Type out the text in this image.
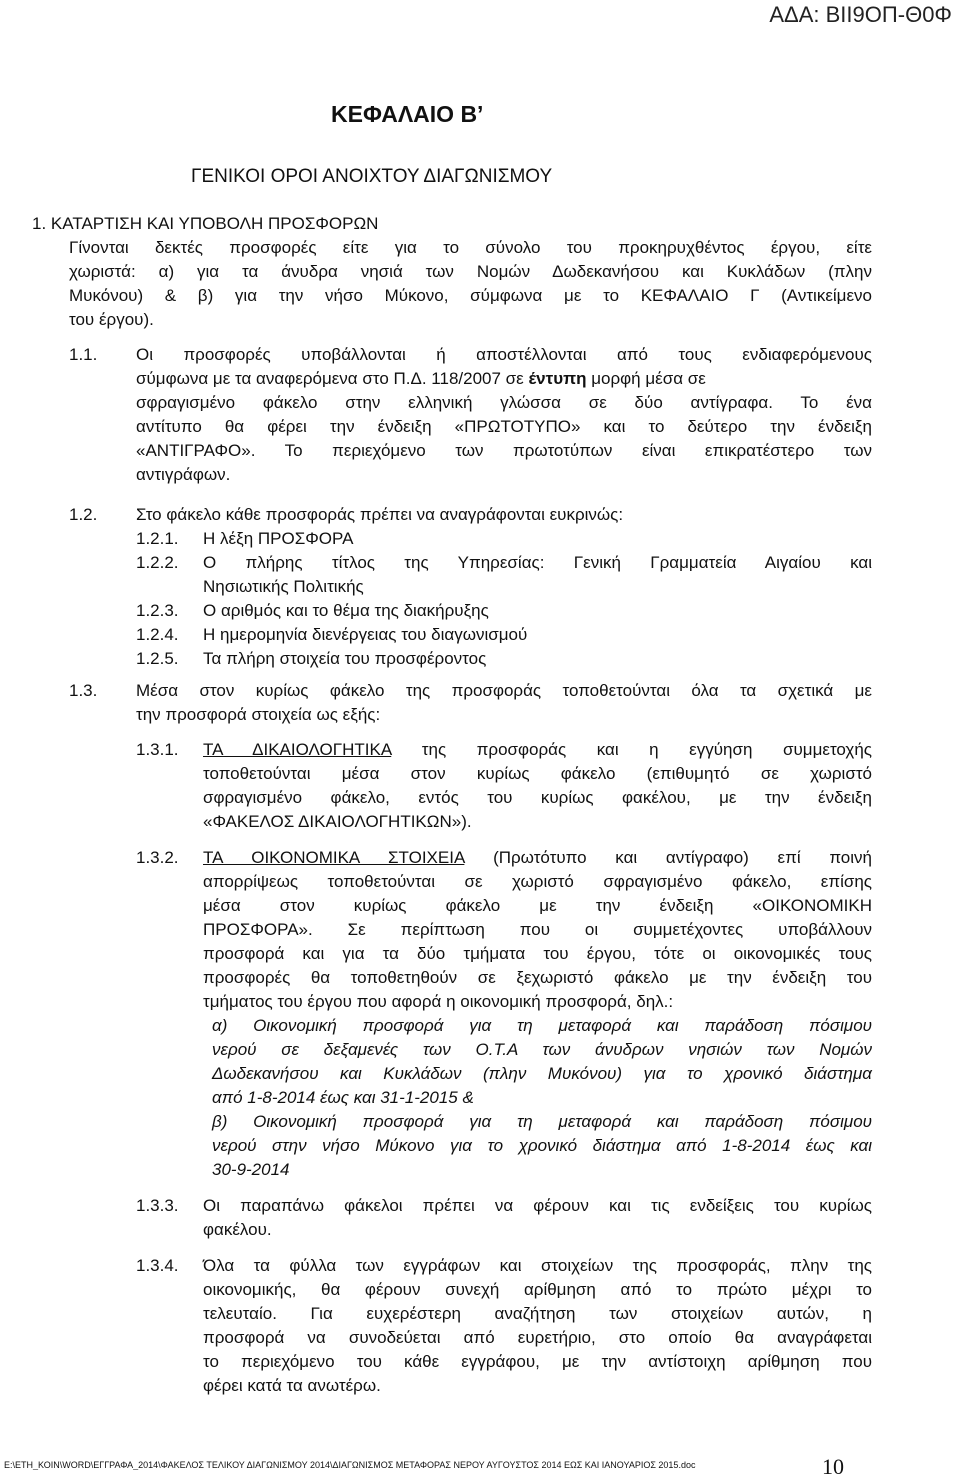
ΑΔΑ: ΒΙΙ9ΟΠ-Θ0Φ
ΚΕΦΑΛΑΙΟ Β’
ΓΕΝΙΚΟΙ ΟΡΟΙ ΑΝΟΙΧΤΟΥ ΔΙΑΓΩΝΙΣΜΟΥ
1. ΚΑΤΑΡΤΙΣΗ ΚΑΙ ΥΠΟΒΟΛΗ ΠΡΟΣΦΟΡΩΝ
Γίνονται δεκτές προσφορές είτε για το σύνολο του προκηρυχθέντος έργου, είτε
χωριστά: α) για τα άνυδρα νησιά των Νομών Δωδεκανήσου και Κυκλάδων (πλην
Μυκόνου) & β) για την νήσο Μύκονο, σύμφωνα με το ΚΕΦΑΛΑΙΟ Γ (Αντικείμενο
του έργου).
1.1. Οι προσφορές υποβάλλονται ή αποστέλλονται από τους ενδιαφερόμενους
σύμφωνα με τα αναφερόμενα στο Π.Δ. 118/2007 σε έντυπη μορφή μέσα σε
σφραγισμένο φάκελο στην ελληνική γλώσσα σε δύο αντίγραφα. Το ένα
αντίτυπο θα φέρει την ένδειξη «ΠΡΩΤΟΤΥΠΟ» και το δεύτερο την ένδειξη
«ΑΝΤΙΓΡΑΦΟ». Το περιεχόμενο των πρωτοτύπων είναι επικρατέστερο των
αντιγράφων.
1.2. Στο φάκελο κάθε προσφοράς πρέπει να αναγράφονται ευκρινώς:
1.2.1. Η λέξη ΠΡΟΣΦΟΡΑ
1.2.2. Ο πλήρης τίτλος της Υπηρεσίας: Γενική Γραμματεία Αιγαίου και
Νησιωτικής Πολιτικής
1.2.3. Ο αριθμός και το θέμα της διακήρυξης
1.2.4. Η ημερομηνία διενέργειας του διαγωνισμού
1.2.5. Τα πλήρη στοιχεία του προσφέροντος
1.3. Μέσα στον κυρίως φάκελο της προσφοράς τοποθετούνται όλα τα σχετικά με
την προσφορά στοιχεία ως εξής:
1.3.1. ΤΑ ΔΙΚΑΙΟΛΟΓΗΤΙΚΑ της προσφοράς και η εγγύηση συμμετοχής
τοποθετούνται μέσα στον κυρίως φάκελο (επιθυμητό σε χωριστό
σφραγισμένο φάκελο, εντός του κυρίως φακέλου, με την ένδειξη
«ΦΑΚΕΛΟΣ ΔΙΚΑΙΟΛΟΓΗΤΙΚΩΝ»).
1.3.2. ΤΑ ΟΙΚΟΝΟΜΙΚΑ ΣΤΟΙΧΕΙΑ (Πρωτότυπο και αντίγραφο) επί ποινή
απορρίψεως τοποθετούνται σε χωριστό σφραγισμένο φάκελο, επίσης
μέσα στον κυρίως φάκελο με την ένδειξη «ΟΙΚΟΝΟΜΙΚΗ
ΠΡΟΣΦΟΡΑ». Σε περίπτωση που οι συμμετέχοντες υποβάλλουν
προσφορά και για τα δύο τμήματα του έργου, τότε οι οικονομικές τους
προσφορές θα τοποθετηθούν σε ξεχωριστό φάκελο με την ένδειξη του
τμήματος του έργου που αφορά η οικονομική προσφορά, δηλ.:
α) Οικονομική προσφορά για τη μεταφορά και παράδοση πόσιμου
νερού σε δεξαμενές των Ο.Τ.Α των άνυδρων νησιών των Νομών
Δωδεκανήσου και Κυκλάδων (πλην Μυκόνου) για το χρονικό διάστημα
από 1-8-2014 έως και 31-1-2015 &
β) Οικονομική προσφορά για τη μεταφορά και παράδοση πόσιμου
νερού στην νήσο Μύκονο για το χρονικό διάστημα από 1-8-2014 έως και
30-9-2014
1.3.3. Οι παραπάνω φάκελοι πρέπει να φέρουν και τις ενδείξεις του κυρίως
φακέλου.
1.3.4. Όλα τα φύλλα των εγγράφων και στοιχείων της προσφοράς, πλην της
οικονομικής, θα φέρουν συνεχή αρίθμηση από το πρώτο μέχρι το
τελευταίο. Για ευχερέστερη αναζήτηση των στοιχείων αυτών, η
προσφορά να συνοδεύεται από ευρετήριο, στο οποίο θα αναγράφεται
το περιεχόμενο του κάθε εγγράφου, με την αντίστοιχη αρίθμηση που
φέρει κατά τα ανωτέρω.
E:\ΕΤΗ_ΚΟΙΝ\WORD\ΕΓΓΡΑΦΑ_2014\ΦΑΚΕΛΟΣ ΤΕΛΙΚΟΥ ΔΙΑΓΩΝΙΣΜΟΥ 2014\ΔΙΑΓΩΝΙΣΜΟΣ ΜΕΤΑΦΟΡΑΣ ΝΕΡΟΥ ΑΥΓΟΥΣΤΟΣ 2014 ΕΩΣ ΚΑΙ ΙΑΝΟΥΑΡΙΟΣ 2015.doc	10
